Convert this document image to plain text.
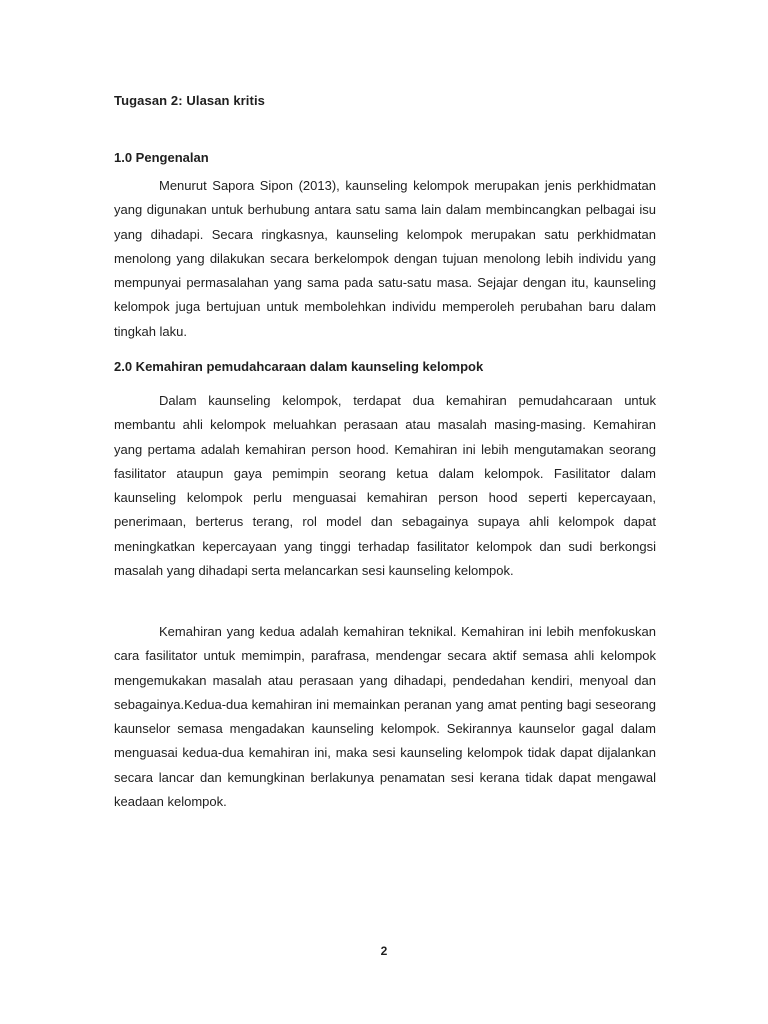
Tugasan 2: Ulasan kritis
1.0 Pengenalan

Menurut Sapora Sipon (2013), kaunseling kelompok merupakan jenis perkhidmatan yang digunakan untuk berhubung antara satu sama lain dalam membincangkan pelbagai isu yang dihadapi. Secara ringkasnya, kaunseling kelompok merupakan satu perkhidmatan menolong yang dilakukan secara berkelompok dengan tujuan menolong lebih individu yang mempunyai permasalahan yang sama pada satu-satu masa. Sejajar dengan itu, kaunseling kelompok juga bertujuan untuk membolehkan individu memperoleh perubahan baru dalam tingkah laku.

2.0 Kemahiran pemudahcaraan dalam kaunseling kelompok

Dalam kaunseling kelompok, terdapat dua kemahiran pemudahcaraan untuk membantu ahli kelompok meluahkan perasaan atau masalah masing-masing. Kemahiran yang pertama adalah kemahiran person hood. Kemahiran ini lebih mengutamakan seorang fasilitator ataupun gaya pemimpin seorang ketua dalam kelompok. Fasilitator dalam kaunseling kelompok perlu menguasai kemahiran person hood seperti kepercayaan, penerimaan, berterus terang, rol model dan sebagainya supaya ahli kelompok dapat meningkatkan kepercayaan yang tinggi terhadap fasilitator kelompok dan sudi berkongsi masalah yang dihadapi serta melancarkan sesi kaunseling kelompok.

Kemahiran yang kedua adalah kemahiran teknikal. Kemahiran ini lebih menfokuskan cara fasilitator untuk memimpin, parafrasa, mendengar secara aktif semasa ahli kelompok mengemukakan masalah atau perasaan yang dihadapi, pendedahan kendiri, menyoal dan sebagainya.Kedua-dua kemahiran ini memainkan peranan yang amat penting bagi seseorang kaunselor semasa mengadakan kaunseling kelompok. Sekirannya kaunselor gagal dalam menguasai kedua-dua kemahiran ini, maka sesi kaunseling kelompok tidak dapat dijalankan secara lancar dan kemungkinan berlakunya penamatan sesi kerana tidak dapat mengawal keadaan kelompok.

2
